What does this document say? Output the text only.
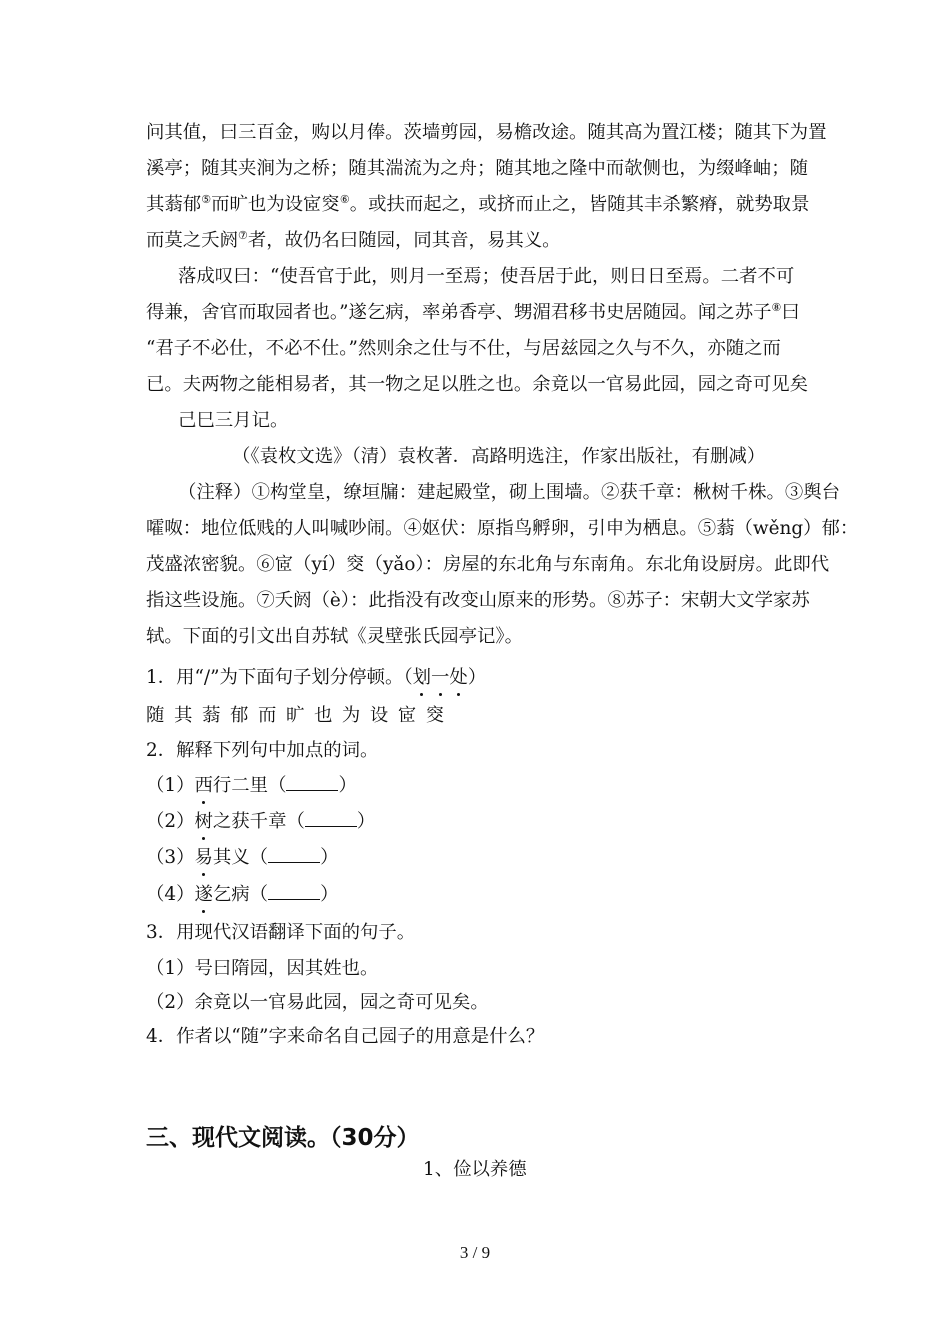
问其值，曰三百金，购以月俸。茨墙剪园，易檐改途。随其高为置江楼；随其下为置
溪亭；随其夹涧为之桥；随其湍流为之舟；随其地之隆中而欹侧也，为缀峰岫；随
其蓊郁⑤而旷也为设宧窔⑥。或扶而起之，或挤而止之，皆随其丰杀繁瘠，就势取景
而莫之夭阏⑦者，故仍名曰随园，同其音，易其义。
落成叹曰：“使吾官于此，则月一至焉；使吾居于此，则日日至焉。二者不可
得兼，舍官而取园者也。”遂乞病，率弟香亭、甥湄君移书史居随园。闻之苏子⑧曰
“君子不必仕，不必不仕。”然则余之仕与不仕，与居兹园之久与不久，亦随之而
已。夫两物之能相易者，其一物之足以胜之也。余竟以一官易此园，园之奇可见矣
己巳三月记。
（《袁枚文选》（清）袁枚著．高路明选注，作家出版社，有删减）
（注释）①构堂皇，缭垣牖：建起殿堂，砌上围墙。②获千章：楸树千株。③舆台
嚯呶：地位低贱的人叫喊吵闹。④妪伏：原指鸟孵卵，引申为栖息。⑤蓊（wěng）郁：
茂盛浓密貌。⑥宧（yí）窔（yǎo）：房屋的东北角与东南角。东北角设厨房。此即代
指这些设施。⑦夭阏（è）：此指没有改变山原来的形势。⑧苏子：宋朝大文学家苏
轼。下面的引文出自苏轼《灵壁张氏园亭记》。
1．用“/”为下面句子划分停顿。（划一处）
随其蓊郁而旷也为设宧窔
2．解释下列句中加点的词。
（1）西行二里（	）
（2）树之获千章（	）
（3）易其义（	）
（4）遂乞病（	）
3．用现代汉语翻译下面的句子。
（1）号曰隋园，因其姓也。
（2）余竟以一官易此园，园之奇可见矣。
4．作者以“随”字来命名自己园子的用意是什么？
三、现代文阅读。（30分）
1、俭以养德
3 / 9
